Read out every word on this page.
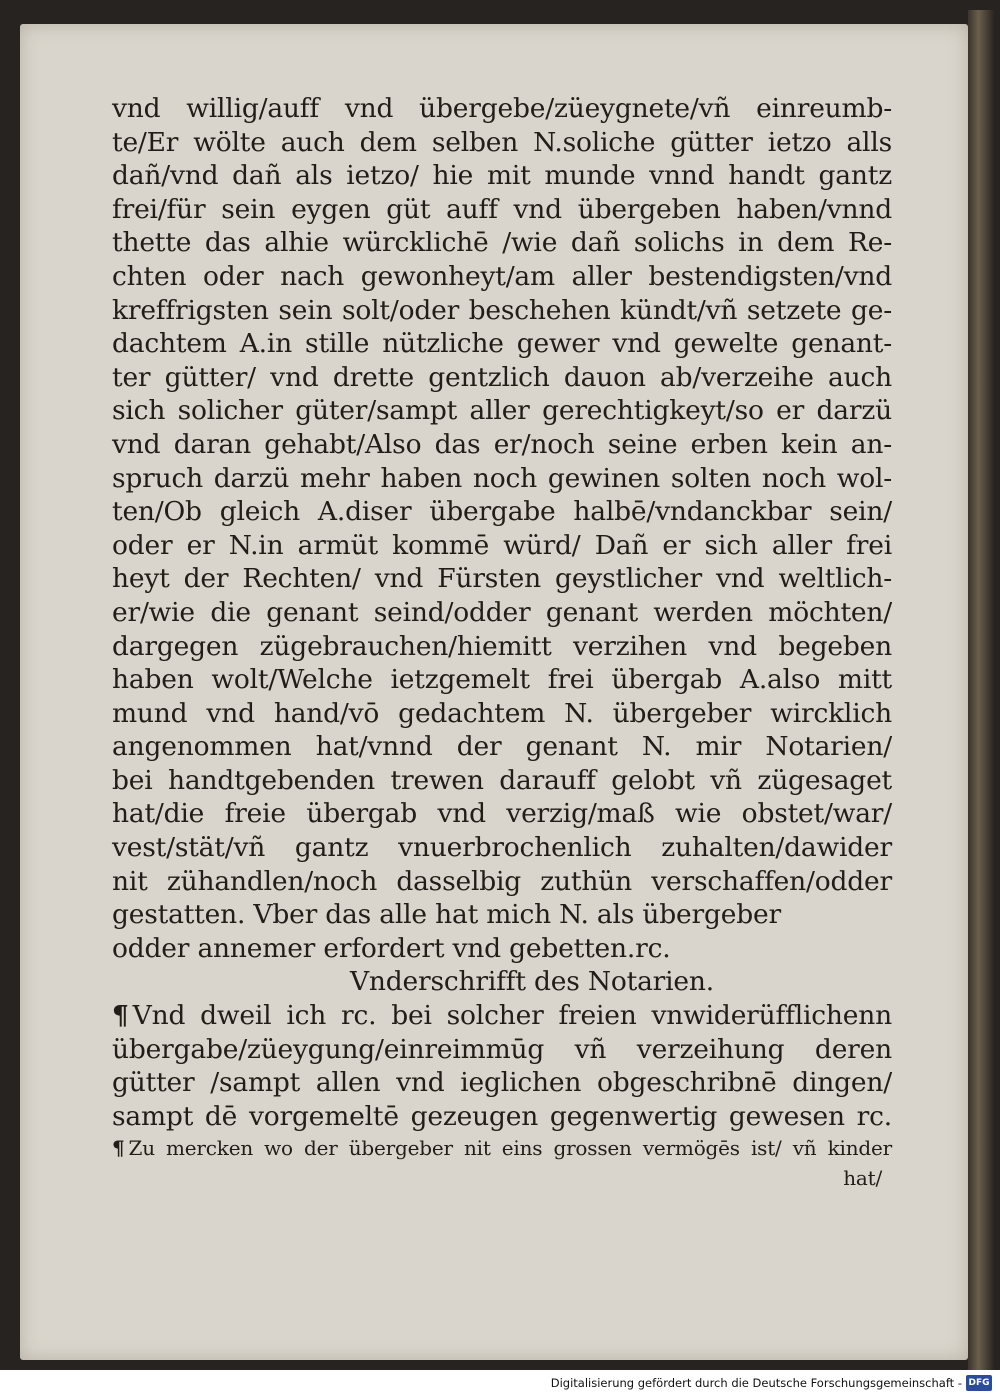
vnd willig/auff vnd übergebe/züeygnete/vñ einreumb-
te/Er wölte auch dem selben N.soliche gütter ietzo alls
dañ/vnd dañ als ietzo/ hie mit munde vnnd handt gantz
frei/für sein eygen güt auff vnd übergeben haben/vnnd
thette das alhie würcklichē /wie dañ solichs in dem Re-
chten oder nach gewonheyt/am aller bestendigsten/vnd
kreffrigsten sein solt/oder beschehen kündt/vñ setzete ge-
dachtem A.in stille nützliche gewer vnd gewelte genant-
ter gütter/ vnd drette gentzlich dauon ab/verzeihe auch
sich solicher güter/sampt aller gerechtigkeyt/so er darzü
vnd daran gehabt/Also das er/noch seine erben kein an-
spruch darzü mehr haben noch gewinen solten noch wol-
ten/Ob gleich A.diser übergabe halbē/vndanckbar sein/
oder er N.in armüt kommē würd/ Dañ er sich aller frei
heyt der Rechten/ vnd Fürsten geystlicher vnd weltlich-
er/wie die genant seind/odder genant werden möchten/
dargegen zügebrauchen/hiemitt verzihen vnd begeben
haben wolt/Welche ietzgemelt frei übergab A.also mitt
mund vnd hand/vō gedachtem N. übergeber wircklich
angenommen hat/vnnd der genant N. mir Notarien/
bei handtgebenden trewen darauff gelobt vñ zügesaget
hat/die freie übergab vnd verzig/maß wie obstet/war/
vest/stät/vñ gantz vnuerbrochenlich zuhalten/dawider
nit zühandlen/noch dasselbig zuthün verschaffen/odder
gestatten. Vber das alle hat mich N. als übergeber
odder annemer erfordert vnd gebetten.rc.
Vnderschrifft des Notarien.
¶ Vnd dweil ich rc. bei solcher freien vnwiderüfflichenn
übergabe/züeygung/einreimmūg vñ verzeihung deren
gütter /sampt allen vnd ieglichen obgeschribnē dingen/
sampt dē vorgemeltē gezeugen gegenwertig gewesen rc.
¶ Zu mercken wo der übergeber nit eins grossen vermögēs ist/ vñ kinder
hat/
Digitalisierung gefördert durch die Deutsche Forschungsgemeinschaft - DFG
